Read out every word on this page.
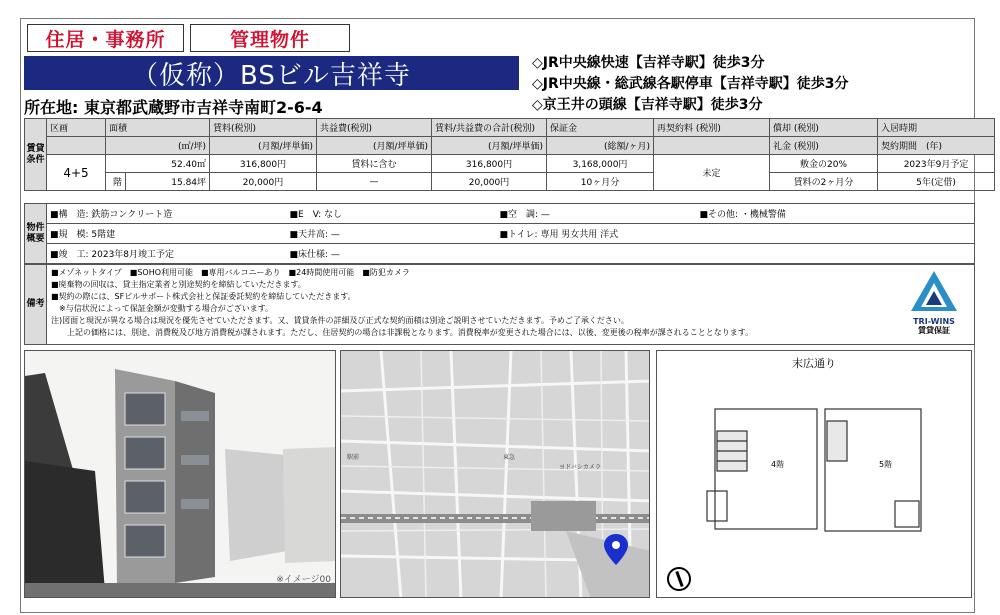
住居・事務所	管理物件
（仮称）BSビル吉祥寺
所在地: 東京都武蔵野市吉祥寺南町2-6-4
◇JR中央線快速【吉祥寺駅】徒歩3分
◇JR中央線・総武線各駅停車【吉祥寺駅】徒歩3分
◇京王井の頭線【吉祥寺駅】徒歩3分
賃貸条件	区画	面積		賃料(税別)	共益費(税別)	賃料/共益費の合計(税別)	保証金	再契約料 (税別)	償却 (税別)	入居時期
		(㎡/坪)		(月額/坪単価)	(月額/坪単価)	(月額/坪単価)	(総額/ヶ月)		礼金 (税別)	契約期間　(年)
	4+5	52.40㎡		316,800円	賃料に含む	316,800円	3,168,000円	未定	敷金の20%	2023年9月予定
		階	15.84坪	20,000円	—	20,000円	10ヶ月分		賃料の2ヶ月分	5年(定借)
物件概要	■構　造: 鉄筋コンクリート造	■E　V: なし	■空　調: —	■その他: ・機械警備
	■規　模: 5階建	■天井高: —	■トイレ: 専用 男女共用 洋式	
	■竣　工: 2023年8月竣工予定	■床仕様: —		
備考	
■メゾネットタイプ　■SOHO利用可能　■専用バルコニーあり　■24時間使用可能　■防犯カメラ
■廃棄物の回収は、貸主指定業者と別途契約を締結していただきます。
■契約の際には、SFビルサポート株式会社と保証委託契約を締結していただきます。
　※与信状況によって保証金額が変動する場合がございます。
注)図面と現況が異なる場合は現況を優先させていただきます。又、賃貸条件の詳細及び正式な契約面積は別途ご説明させていただきます。予めご了承ください。
　　上記の価格には、別途、消費税及び地方消費税が課されます。ただし、住居契約の場合は非課税となります。消費税率が変更された場合には、以後、変更後の税率が課されることとなります。
TRI-WINS
賃貸保証
※イメージ00
駅前	東急
ヨドバシカメラ
末広通り
4階	5階
